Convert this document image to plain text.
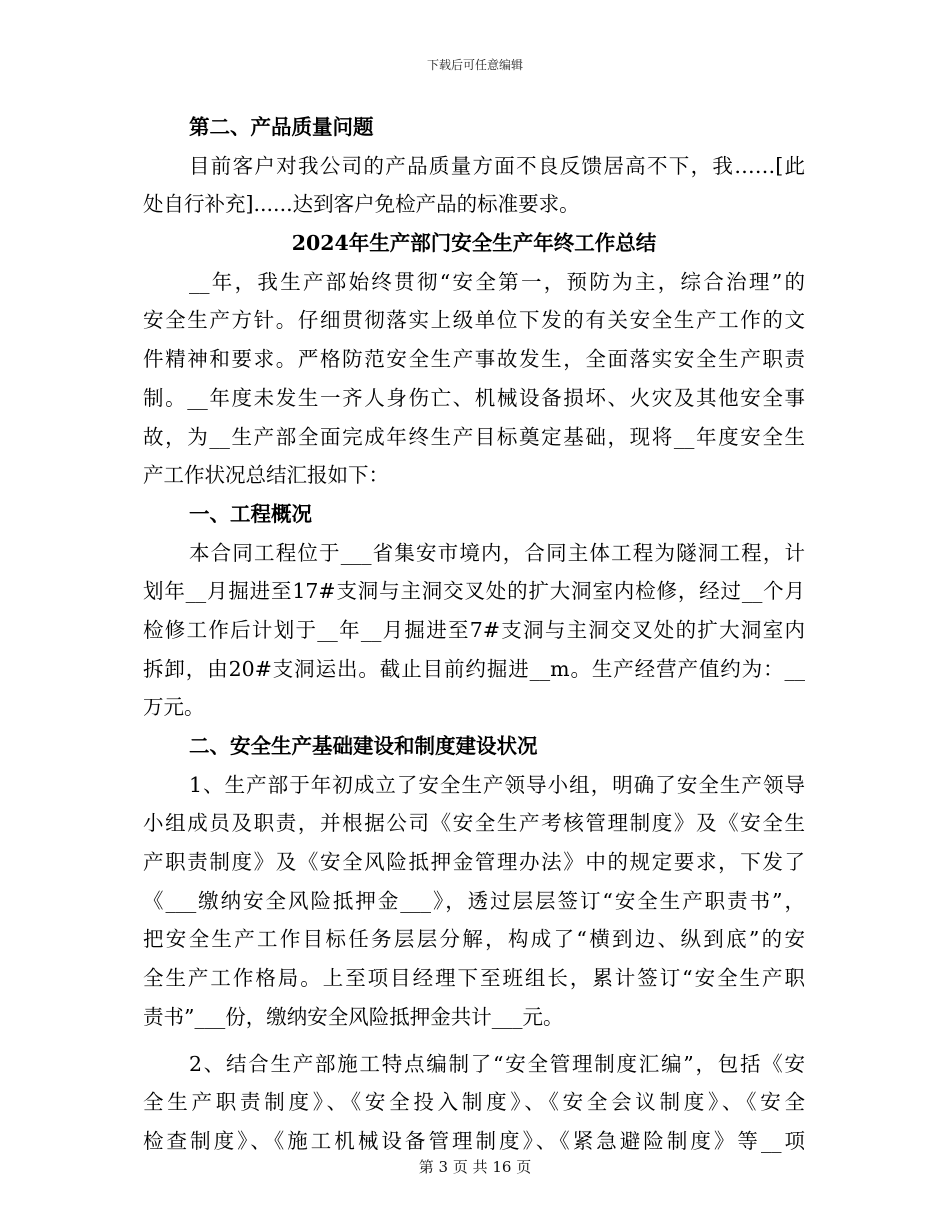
下载后可任意编辑
第二、产品质量问题
目前客户对我公司的产品质量方面不良反馈居高不下，我……[此
处自行补充]......达到客户免检产品的标准要求。
2024年生产部门安全生产年终工作总结
__年，我生产部始终贯彻“安全第一，预防为主，综合治理”的
安全生产方针。仔细贯彻落实上级单位下发的有关安全生产工作的文
件精神和要求。严格防范安全生产事故发生，全面落实安全生产职责
制。__年度未发生一齐人身伤亡、机械设备损坏、火灾及其他安全事
故，为__生产部全面完成年终生产目标奠定基础，现将__年度安全生
产工作状况总结汇报如下：
一、工程概况
本合同工程位于___省集安市境内，合同主体工程为隧洞工程，计
划年__月掘进至17#支洞与主洞交叉处的扩大洞室内检修，经过__个月
检修工作后计划于__年__月掘进至7#支洞与主洞交叉处的扩大洞室内
拆卸，由20#支洞运出。截止目前约掘进__m。生产经营产值约为：__
万元。
二、安全生产基础建设和制度建设状况
1、生产部于年初成立了安全生产领导小组，明确了安全生产领导
小组成员及职责，并根据公司《安全生产考核管理制度》及《安全生
产职责制度》及《安全风险抵押金管理办法》中的规定要求，下发了
《___缴纳安全风险抵押金___》，透过层层签订“安全生产职责书”，
把安全生产工作目标任务层层分解，构成了“横到边、纵到底”的安
全生产工作格局。上至项目经理下至班组长，累计签订“安全生产职
责书”___份，缴纳安全风险抵押金共计___元。
2、结合生产部施工特点编制了“安全管理制度汇编”，包括《安
全生产职责制度》、《安全投入制度》、《安全会议制度》、《安全
检查制度》、《施工机械设备管理制度》、《紧急避险制度》等__项
第 3 页 共 16 页
